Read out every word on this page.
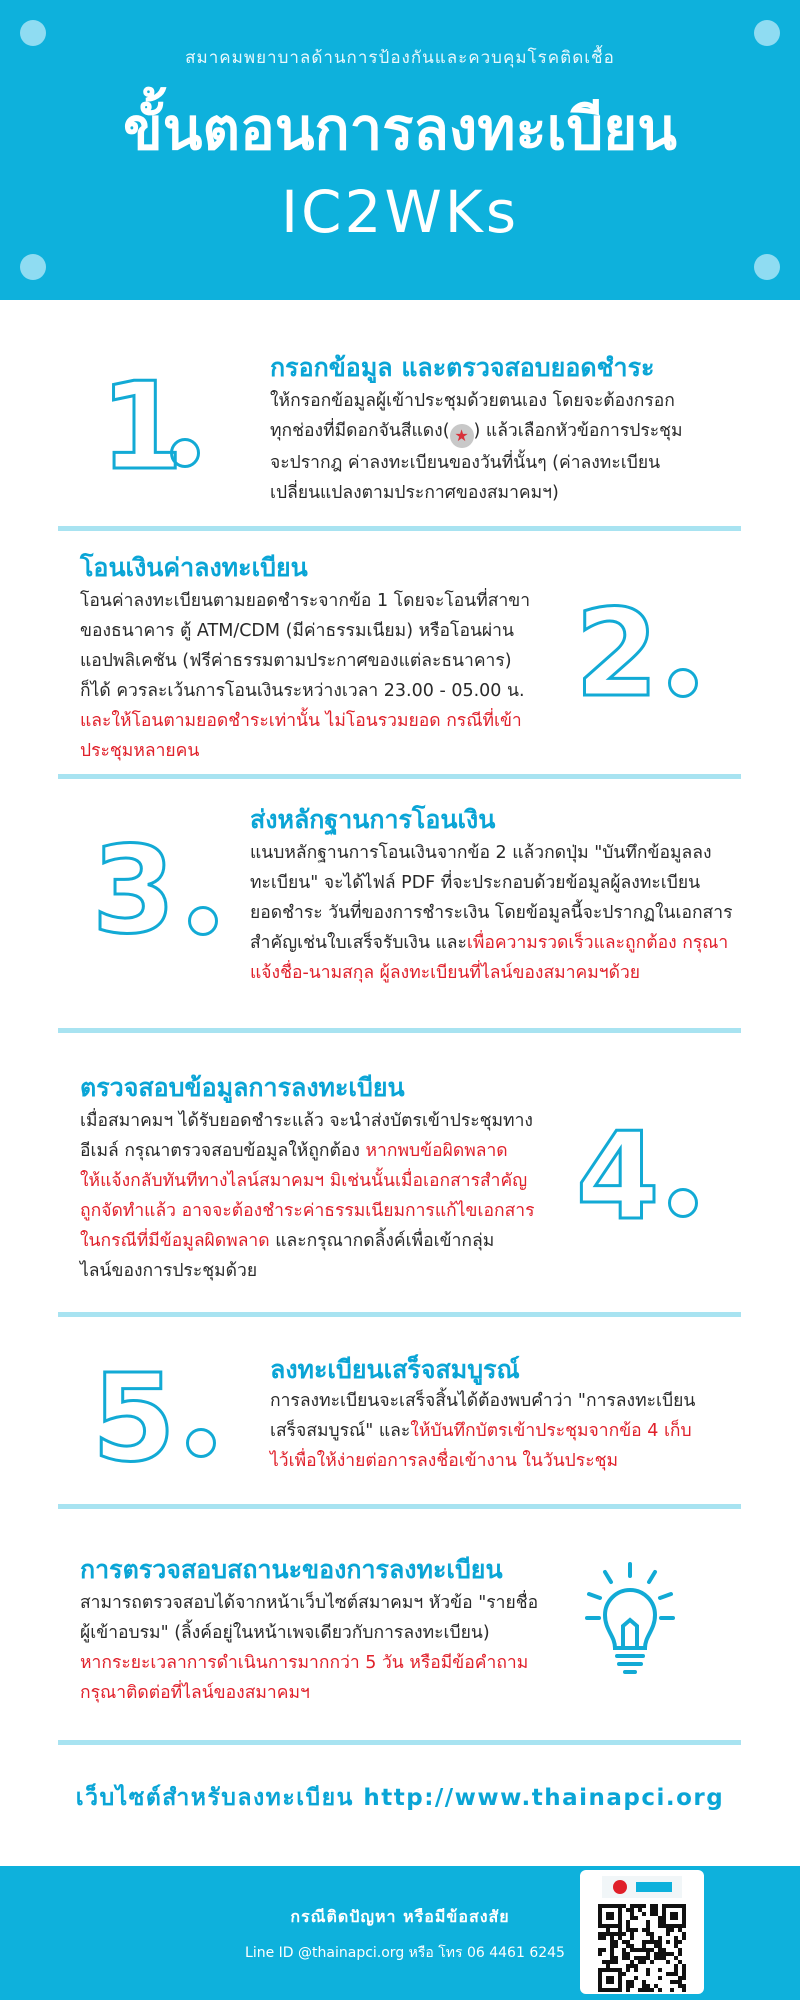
สมาคมพยาบาลด้านการป้องกันและควบคุมโรคติดเชื้อ
ขั้นตอนการลงทะเบียน
IC2WKs
1	กรอกข้อมูล และตรวจสอบยอดชำระ
ให้กรอกข้อมูลผู้เข้าประชุมด้วยตนเอง โดยจะต้องกรอก
ทุกช่องที่มีดอกจันสีแดง( ★ ) แล้วเลือกหัวข้อการประชุม
จะปรากฎ ค่าลงทะเบียนของวันที่นั้นๆ (ค่าลงทะเบียน
เปลี่ยนแปลงตามประกาศของสมาคมฯ)
โอนเงินค่าลงทะเบียน
โอนค่าลงทะเบียนตามยอดชำระจากข้อ 1 โดยจะโอนที่สาขา
ของธนาคาร ตู้ ATM/CDM (มีค่าธรรมเนียม) หรือโอนผ่าน
แอปพลิเคชัน (ฟรีค่าธรรมตามประกาศของแต่ละธนาคาร)
ก็ได้ ควรละเว้นการโอนเงินระหว่างเวลา 23.00 - 05.00 น.
และให้โอนตามยอดชำระเท่านั้น ไม่โอนรวมยอด กรณีที่เข้า
ประชุมหลายคน
2
3
ส่งหลักฐานการโอนเงิน
แนบหลักฐานการโอนเงินจากข้อ 2 แล้วกดปุ่ม "บันทึกข้อมูลลง
ทะเบียน" จะได้ไฟล์ PDF ที่จะประกอบด้วยข้อมูลผู้ลงทะเบียน
ยอดชำระ วันที่ของการชำระเงิน โดยข้อมูลนี้จะปรากฏในเอกสาร
สำคัญเช่นใบเสร็จรับเงิน และเพื่อความรวดเร็วและถูกต้อง กรุณา
แจ้งชื่อ-นามสกุล ผู้ลงทะเบียนที่ไลน์ของสมาคมฯด้วย
ตรวจสอบข้อมูลการลงทะเบียน
เมื่อสมาคมฯ ได้รับยอดชำระแล้ว จะนำส่งบัตรเข้าประชุมทาง
อีเมล์ กรุณาตรวจสอบข้อมูลให้ถูกต้อง หากพบข้อผิดพลาด
ให้แจ้งกลับทันทีทางไลน์สมาคมฯ มิเช่นนั้นเมื่อเอกสารสำคัญ
ถูกจัดทำแล้ว อาจจะต้องชำระค่าธรรมเนียมการแก้ไขเอกสาร
ในกรณีที่มีข้อมูลผิดพลาด และกรุณากดลิ้งค์เพื่อเข้ากลุ่ม
ไลน์ของการประชุมด้วย
4
5	ลงทะเบียนเสร็จสมบูรณ์
การลงทะเบียนจะเสร็จสิ้นได้ต้องพบคำว่า "การลงทะเบียน
เสร็จสมบูรณ์" และให้บันทึกบัตรเข้าประชุมจากข้อ 4 เก็บ
ไว้เพื่อให้ง่ายต่อการลงชื่อเข้างาน ในวันประชุม
การตรวจสอบสถานะของการลงทะเบียน
สามารถตรวจสอบได้จากหน้าเว็บไซต์สมาคมฯ หัวข้อ "รายชื่อ
ผู้เข้าอบรม" (ลิ้งค์อยู่ในหน้าเพจเดียวกับการลงทะเบียน)
หากระยะเวลาการดำเนินการมากกว่า 5 วัน หรือมีข้อคำถาม
กรุณาติดต่อที่ไลน์ของสมาคมฯ
เว็บไซต์สำหรับลงทะเบียน http://www.thainapci.org
กรณีติดปัญหา หรือมีข้อสงสัย
Line ID @thainapci.org หรือ โทร 06 4461 6245
